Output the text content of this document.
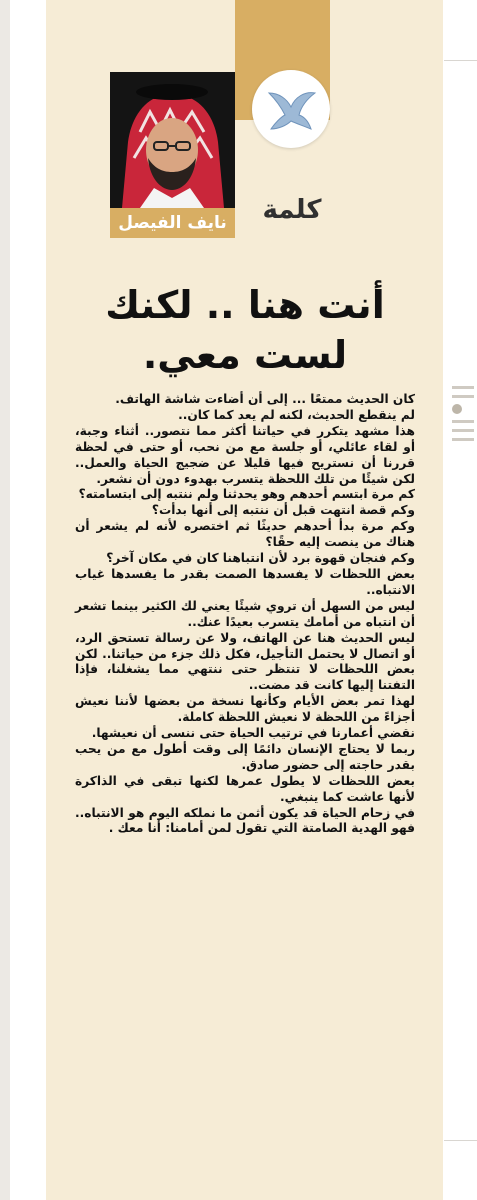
كلمة
نايف الفيصل
أنت هنا .. لكنك
لست معي.

كان الحديث ممتعًا ... إلى أن أضاءت شاشة الهاتف.

لم ينقطع الحديث، لكنه لم يعد كما كان..

هذا مشهد يتكرر في حياتنا أكثر مما نتصور.. أثناء وجبة، أو لقاء عائلي، أو جلسة مع من نحب، أو حتى في لحظة قررنا أن نستريح فيها قليلا عن ضجيج الحياة والعمل.. لكن شيئًا من تلك اللحظة يتسرب بهدوء دون أن نشعر.

كم مرة ابتسم أحدهم وهو يحدثنا ولم ننتبه إلى ابتسامته؟

وكم قصة انتهت قبل أن ننتبه إلى أنها بدأت؟

وكم مرة بدأ أحدهم حديثًا ثم اختصره لأنه لم يشعر أن هناك من ينصت إليه حقًا؟

وكم فنجان قهوة برد لأن انتباهنا كان في مكان آخر؟

بعض اللحظات لا يفسدها الصمت بقدر ما يفسدها غياب الانتباه..

ليس من السهل أن تروي شيئًا يعني لك الكثير بينما تشعر أن انتباه من أمامك يتسرب بعيدًا عنك..

ليس الحديث هنا عن الهاتف، ولا عن رسالة تستحق الرد، أو اتصال لا يحتمل التأجيل، فكل ذلك جزء من حياتنا.. لكن بعض اللحظات لا تنتظر حتى ننتهي مما يشغلنا، فإذا التفتنا إليها كانت قد مضت..

لهذا تمر بعض الأيام وكأنها نسخة من بعضها لأننا نعيش أجزاءً من اللحظة لا نعيش اللحظة كاملة.

نقضي أعمارنا في ترتيب الحياة حتى ننسى أن نعيشها.

ربما لا يحتاج الإنسان دائمًا إلى وقت أطول مع من يحب بقدر حاجته إلى حضور صادق.

بعض اللحظات لا يطول عمرها لكنها تبقى في الذاكرة لأنها عاشت كما ينبغي.

في زحام الحياة قد يكون أثمن ما نملكه اليوم هو الانتباه.. فهو الهدية الصامتة التي تقول لمن أمامنا: أنا معك .
